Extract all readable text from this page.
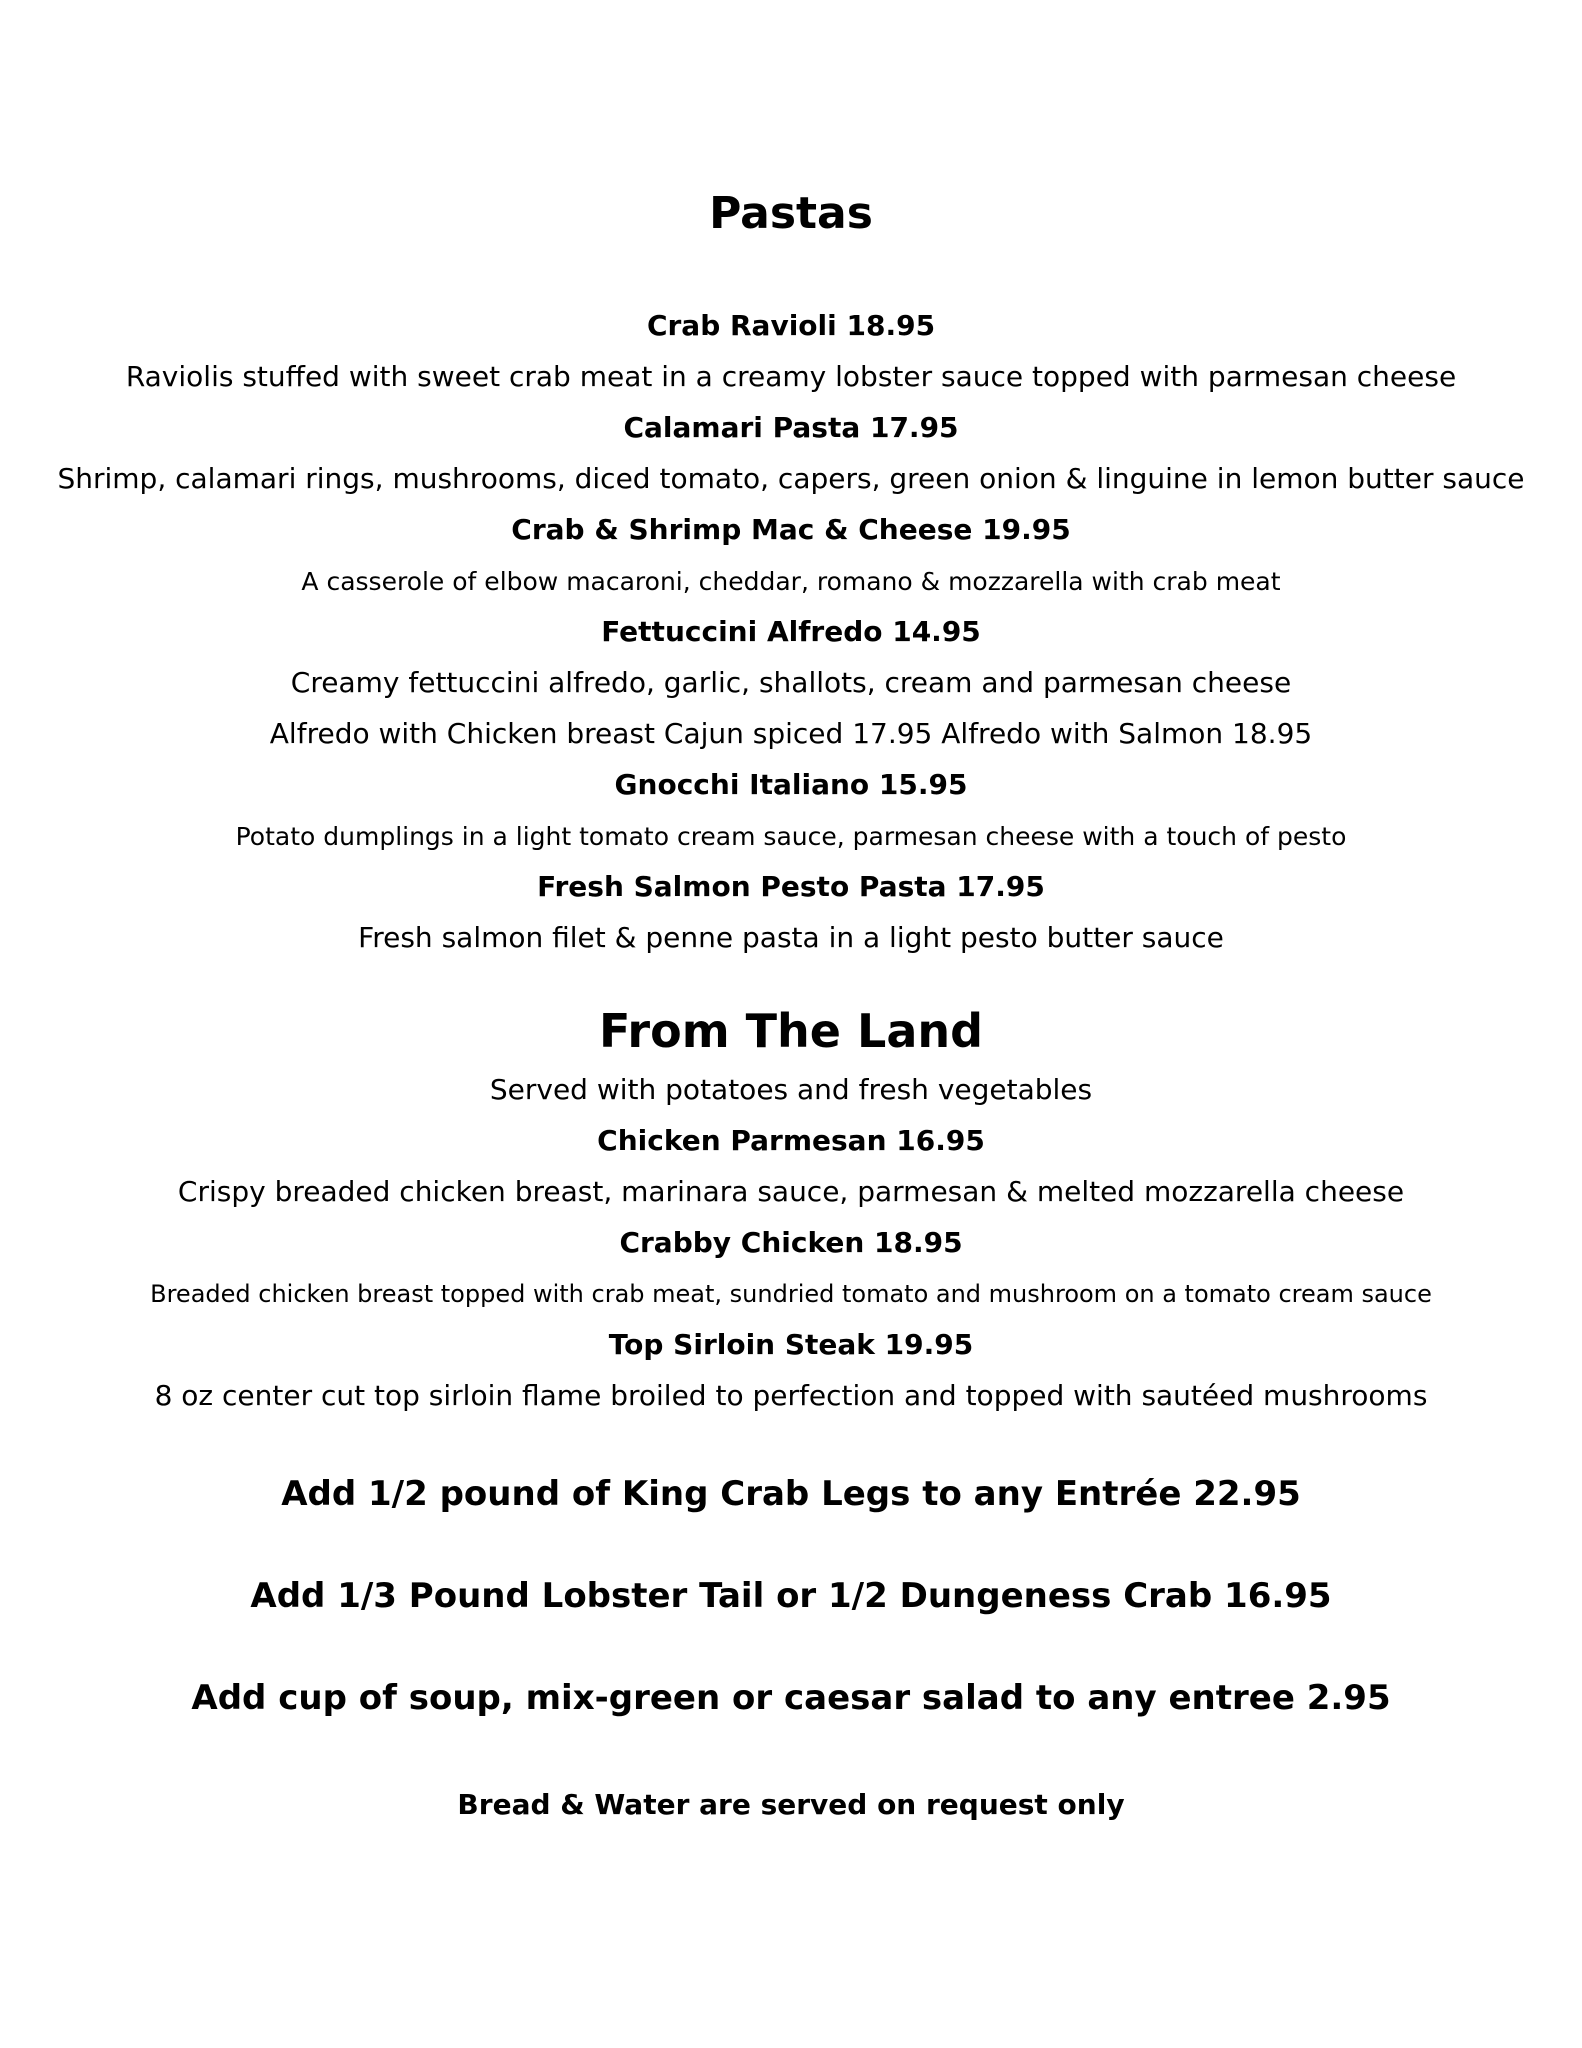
Pastas
Crab Ravioli 18.95
Raviolis stuffed with sweet crab meat in a creamy lobster sauce topped with parmesan cheese
Calamari Pasta 17.95
Shrimp, calamari rings, mushrooms, diced tomato, capers, green onion & linguine in lemon butter sauce
Crab & Shrimp Mac & Cheese 19.95
A casserole of elbow macaroni, cheddar, romano & mozzarella with crab meat
Fettuccini Alfredo 14.95
Creamy fettuccini alfredo, garlic, shallots, cream and parmesan cheese
Alfredo with Chicken breast Cajun spiced 17.95 Alfredo with Salmon 18.95
Gnocchi Italiano 15.95
Potato dumplings in a light tomato cream sauce, parmesan cheese with a touch of pesto
Fresh Salmon Pesto Pasta 17.95
Fresh salmon filet & penne pasta in a light pesto butter sauce
From The Land
Served with potatoes and fresh vegetables
Chicken Parmesan 16.95
Crispy breaded chicken breast, marinara sauce, parmesan & melted mozzarella cheese
Crabby Chicken 18.95
Breaded chicken breast topped with crab meat, sundried tomato and mushroom on a tomato cream sauce
Top Sirloin Steak 19.95
8 oz center cut top sirloin flame broiled to perfection and topped with sautéed mushrooms
Add 1/2 pound of King Crab Legs to any Entrée 22.95
Add 1/3 Pound Lobster Tail or 1/2 Dungeness Crab 16.95
Add cup of soup, mix-green or caesar salad to any entree 2.95
Bread & Water are served on request only
